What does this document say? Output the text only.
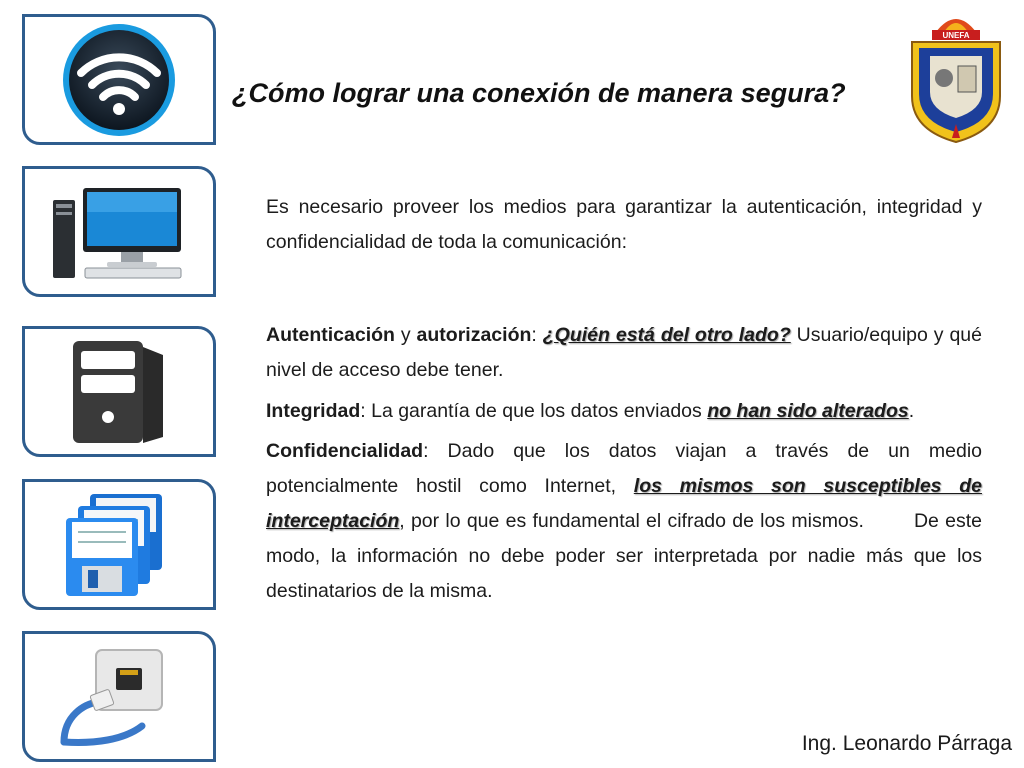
¿Cómo lograr una conexión de manera segura?
UNEFA
Es necesario proveer los medios para garantizar la autenticación, integridad y confidencialidad de toda la comunicación:
Autenticación y autorización: ¿Quién está del otro lado? Usuario/equipo y qué nivel de acceso debe tener.
Integridad: La garantía de que los datos enviados no han sido alterados.
Confidencialidad: Dado que los datos viajan a través de un medio potencialmente hostil como Internet, los mismos son susceptibles de interceptación, por lo que es fundamental el cifrado de los mismos.        De este modo, la información no debe poder ser interpretada por nadie más que los destinatarios de la misma.
Ing. Leonardo Párraga
